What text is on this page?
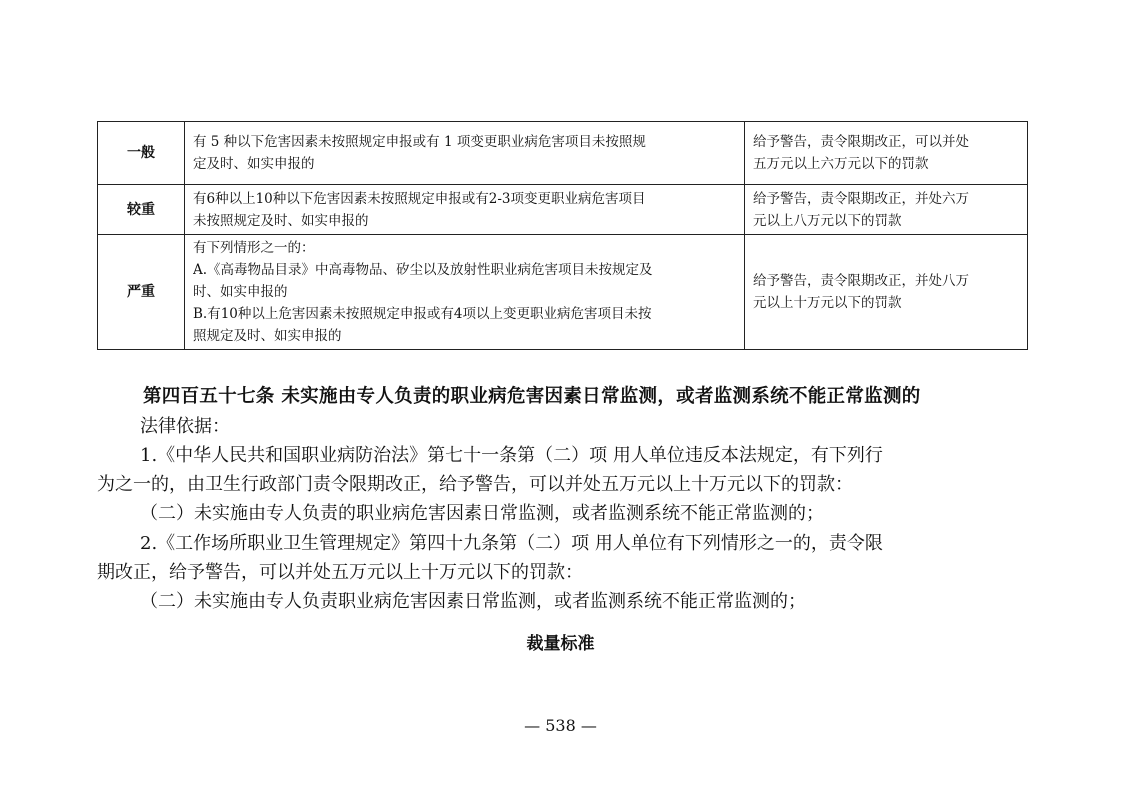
一般	有 5 种以下危害因素未按照规定申报或有 1 项变更职业病危害项目未按照规
定及时、如实申报的	给予警告，责令限期改正，可以并处
五万元以上六万元以下的罚款

较重	有6种以上10种以下危害因素未按照规定申报或有2-3项变更职业病危害项目
未按照规定及时、如实申报的	给予警告，责令限期改正，并处六万
元以上八万元以下的罚款

严重	有下列情形之一的：
A.《高毒物品目录》中高毒物品、矽尘以及放射性职业病危害项目未按规定及
时、如实申报的
B.有10种以上危害因素未按照规定申报或有4项以上变更职业病危害项目未按
照规定及时、如实申报的	给予警告，责令限期改正，并处八万
元以上十万元以下的罚款

第四百五十七条 未实施由专人负责的职业病危害因素日常监测，或者监测系统不能正常监测的

法律依据：

1.《中华人民共和国职业病防治法》第七十一条第（二）项 用人单位违反本法规定，有下列行

为之一的，由卫生行政部门责令限期改正，给予警告，可以并处五万元以上十万元以下的罚款：

（二）未实施由专人负责的职业病危害因素日常监测，或者监测系统不能正常监测的；

2.《工作场所职业卫生管理规定》第四十九条第（二）项 用人单位有下列情形之一的，责令限

期改正，给予警告，可以并处五万元以上十万元以下的罚款：

（二）未实施由专人负责职业病危害因素日常监测，或者监测系统不能正常监测的；

裁量标准

— 538 —
